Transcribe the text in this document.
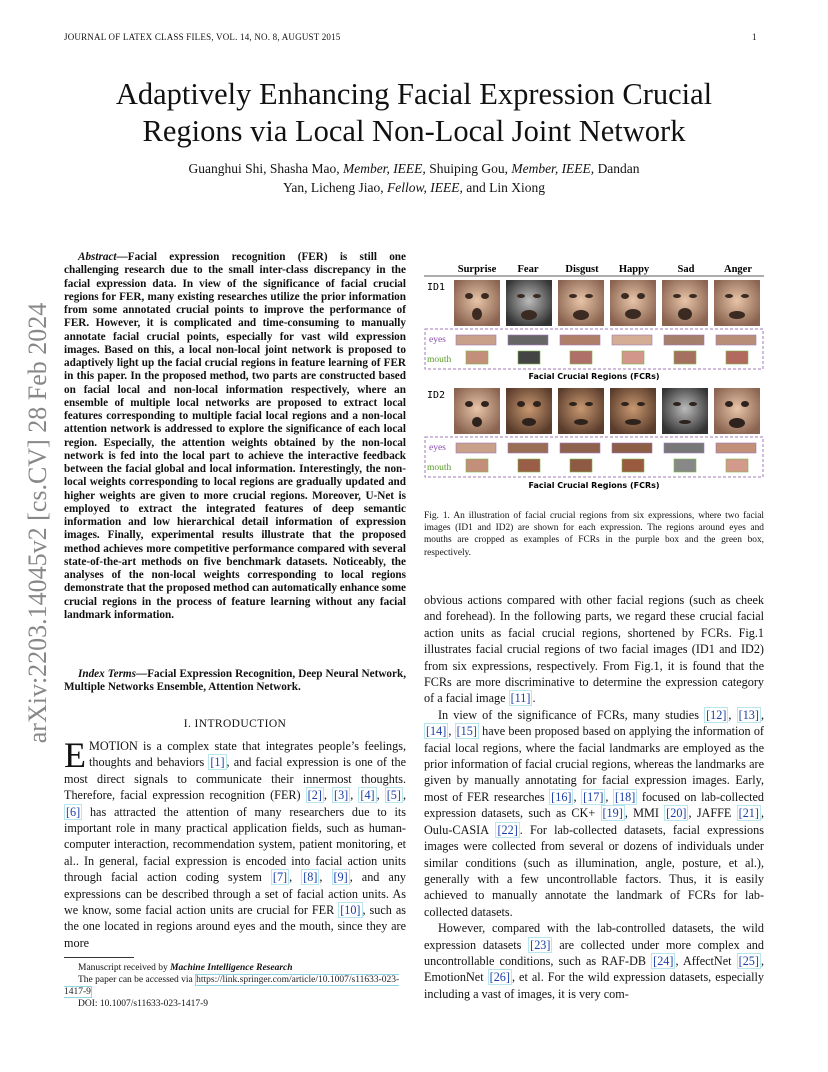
JOURNAL OF LATEX CLASS FILES, VOL. 14, NO. 8, AUGUST 2015	1
arXiv:2203.14045v2 [cs.CV] 28 Feb 2024
Adaptively Enhancing Facial Expression Crucial
Regions via Local Non-Local Joint Network
Guanghui Shi, Shasha Mao, Member, IEEE, Shuiping Gou, Member, IEEE, Dandan
Yan, Licheng Jiao, Fellow, IEEE, and Lin Xiong
Abstract—Facial expression recognition (FER) is still one challenging research due to the small inter-class discrepancy in the facial expression data. In view of the significance of facial crucial regions for FER, many existing researches utilize the prior information from some annotated crucial points to improve the performance of FER. However, it is complicated and time-consuming to manually annotate facial crucial points, especially for vast wild expression images. Based on this, a local non-local joint network is proposed to adaptively light up the facial crucial regions in feature learning of FER in this paper. In the proposed method, two parts are constructed based on facial local and non-local information respectively, where an ensemble of multiple local networks are proposed to extract local features corresponding to multiple facial local regions and a non-local attention network is addressed to explore the significance of each local region. Especially, the attention weights obtained by the non-local network is fed into the local part to achieve the interactive feedback between the facial global and local information. Interestingly, the non-local weights corresponding to local regions are gradually updated and higher weights are given to more crucial regions. Moreover, U-Net is employed to extract the integrated features of deep semantic information and low hierarchical detail information of expression images. Finally, experimental results illustrate that the proposed method achieves more competitive performance compared with several state-of-the-art methods on five benchmark datasets. Noticeably, the analyses of the non-local weights corresponding to local regions demonstrate that the proposed method can automatically enhance some crucial regions in the process of feature learning without any facial landmark information.
Index Terms—Facial Expression Recognition, Deep Neural Network, Multiple Networks Ensemble, Attention Network.
I. INTRODUCTION
EMOTION is a complex state that integrates people’s feelings, thoughts and behaviors [1] , and facial expression is one of the most direct signals to communicate their innermost thoughts. Therefore, facial expression recognition (FER) [2] , [3] , [4] , [5] , [6] has attracted the attention of many researchers due to its important role in many practical application fields, such as human-computer interaction, recommendation system, patient monitoring, et al.. In general, facial expression is encoded into facial action units through facial action coding system [7] , [8] , [9] , and any expressions can be described through a set of facial action units. As we know, some facial action units are crucial for FER [10] , such as the one located in regions around eyes and the mouth, since they are more
Manuscript received by Machine Intelligence Research
The paper can be accessed via https://link.springer.com/article/10.1007/s11633-023-1417-9
DOI: 10.1007/s11633-023-1417-9
Surprise Fear	Disgust Happy	Sad	Anger
ID1
eyes
mouth
Facial Crucial Regions (FCRs)
ID2
eyes
mouth
Facial Crucial Regions (FCRs)
Fig. 1. An illustration of facial crucial regions from six expressions, where two facial images (ID1 and ID2) are shown for each expression. The regions around eyes and mouths are cropped as examples of FCRs in the purple box and the green box, respectively.

obvious actions compared with other facial regions (such as cheek and forehead). In the following parts, we regard these crucial facial action units as facial crucial regions, shortened by FCRs. Fig.1 illustrates facial crucial regions of two facial images (ID1 and ID2) from six expressions, respectively. From Fig.1, it is found that the FCRs are more discriminative to determine the expression category of a facial image [11] .

In view of the significance of FCRs, many studies [12] , [13] , [14] , [15] have been proposed based on applying the information of facial local regions, where the facial landmarks are employed as the prior information of facial crucial regions, whereas the landmarks are given by manually annotating for facial expression images. Early, most of FER researches [16] , [17] , [18] focused on lab-collected expression datasets, such as CK+ [19] , MMI [20] , JAFFE [21] , Oulu-CASIA [22] . For lab-collected datasets, facial expressions images were collected from several or dozens of individuals under similar conditions (such as illumination, angle, posture, et al.), generally with a few uncontrollable factors. Thus, it is easily achieved to manually annotate the landmark of FCRs for lab-collected datasets.

However, compared with the lab-controlled datasets, the wild expression datasets [23] are collected under more complex and uncontrollable conditions, such as RAF-DB [24] , AffectNet [25] , EmotionNet [26] , et al. For the wild expression datasets, especially including a vast of images, it is very com-
